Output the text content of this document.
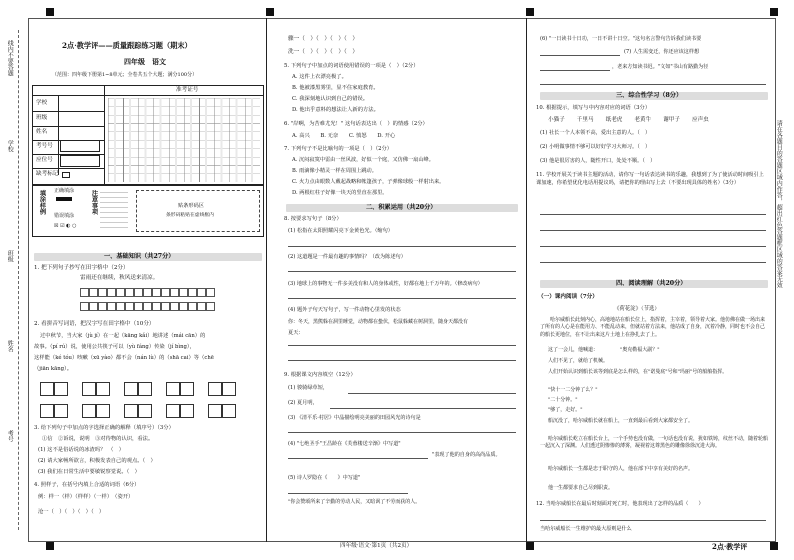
学校
班级
姓名
考号
线内不要答题
请在各题目的答题区域内作答，超出红色答题框区域的答案无效
2点·教学评——质量跟踪练习题（期末）
四年级　语文
（范围：四年级下册第1~8单元；全卷共五个大题；满分100分）
准考证号
学校
班级
姓名
考号号
应位号
缺考标记
填涂样例 正确填涂
错误填涂
☒ ☑ ◐ ○
注意事项	贴条形码区
条形码粘贴在虚线框内
一、基础知识（共27分）
1. 把下列句子抄写在田字格中（2分）
雷雨还在继续，秋风送来清凉。
2. 看拼音写词语，把汉字写在田字格中（10分）
过中秋节，当大家（jù jí）在一起（kāng kǎi）地讲述（mái cān）的
故事。（pí rú）说，使用公共筷子可以（yù fáng）传染（jí bìng），
这样能（ké tóu）咳嗽（xū yào）都不会（nán lù）的（shā cai）等（chē
（jiān kāng）。
3. 给下列句子中加点的字选择正确的解释（填序号）（3分）
①信　②诉说，说明　③对待物的认识，看法。
(1) 这不是俗话说的冰渣吗？　（　）
(2) 请大家畅所欲言，积极发表自己的观点。（　）
(3) 我们在日常生活中要敏锐察觉说。（　）
4. 照样子，在括号内填上合适的词语（6分）
例：样一（样）（样样）（一样）　（姿开）
沧一（　）（　）（　）（　）
骤一（　）（　）（　）（　）
洗一（　）（　）（　）（　）
5. 下列句子中加点的词语使用错误的一项是（　）（2分）
A. 这件上衣漂亮极了。
B. 他被漆黑雾里，显不住家庭教育。
C. 我深刻地认识到自己的错误。
D. 他出乎意料的想法让人新的方法。
6. "岸啊，为苦难尤光！" 这句话表达出（　）的情感（2分）
A. 高兴　　B. 无奈　　C. 愤怒　　D. 开心
7. 下列句子不是比喻句的一项是（　）（2分）
A. 沉闷寂寞中雷由一丝风波，好似一个庭，又仿佛一扇山峰。
B. 雨滴像小精灵一样在周围上跳动。
C. 火力点由眼数人戴起战略和帐篷孩子，子弹像球般一样射出来。
D. 两根红柱子好像一块天的竖直在那里。
二、积累运用（共20分）
8. 按要求写句子（8分）
(1) 松指在太阳照耀闪亮下金黄色光。（缩句）
(2) 这道题是一件最有趣的事情吗？（改为陈述句）
(3) 地球上的事物无一件多美没有和人的身体或性，好都在地上千万年的。（修改病句）
(4) 题外子句天写句子，写一件动物心里发的状态
你：冬天，黑熊躲在洞里睡觉，动物都在蛰伏，松鼠躲藏在树洞里，随身天都没有
夏天：
9. 根据课文内容填空（12分）
(1) 骏骑绿草短，
(2) 夏月明，
(3) 《清平乐·村居》中晶描绘明亮美丽的田园风光的诗句是
(4) "七绝圣手"王昌龄在《芙蓉楼送辛渐》中写道"
"表现了他的自身的高尚品质。
(5) 诗人罗隐在《　　》中写道"
"你会赞颂所来了辛勤的劳动人民，又暗讽了不劳而获的人。
(6) "一日读书十日功，一日不讲十日空。"这句名言警句告诉我们读书要
(7) 人生需变迁，你还应该这样想
，老来方知读书迟。"文如"书山有路勤为径
三、综合性学习（8分）
10. 根据提示，填写与中内容对应的词语（3分）
小猫子 千里马 纸老虎 老黄牛 谢甲子 应声虫
(1) 社长一个人本领不高，爱出主意的人。（　）
(2) 小明做事情不够可以好好学习大师习。（　）
(3) 他是很厉害的人，随性开口，处处不顺。（　）
11. 学校开展关于读书主题的活动，请你写一句话表达读书的乐趣，我想到了为了使活动时间吸引上课加速，你希望优化电话用提议吗，请把你的理由写上去（不要出现具体的姓名）（3分）
四、阅读理解（共20分）
（一）课内阅读（7分）
《荷花淀》（节选）
哈尔威船长此刻内心，高地地站在船长位上，指挥着，主宰着，领导着大家。他仿佛在做一场出来了所有的人心是在能用力、不能乱动来，但就站着方法来，他站成了自身，沉着冷静，同时也不会自己的船长更地位，在不让出来这片土地上在挣扎去了上。
这了一会儿，他喊道：	"奥克勒福大副？"
人们不见了，就给了机械。
人们开始认识到船长该等到底是怎么样的，在"诺曼底"号和"玛丽"号的船舶指挥。
"快十一二分钟了么？"
"二十分钟。"
"够了，走好。"
船沉没了，哈尔威船长就在船上，一直到最后看到大家都安全了。
哈尔威船长屹立在船长台上，一个手势也没有做，一句话也没有说，犹如铁铸，纹丝不动，随着轮船一起沉入了深渊。人们透过阴惨惨的薄雾，凝视着这尊黑色的雕像徐徐沉进大海。
哈尔威船长一生都是忠于职守的人，他在部下中享有美好的名声。
他一生都要求自己尽到职责。
12. 当哈尔威船长在最后时刻面对死亡时，他表现出了怎样的品质（　　）
当哈尔威船长一生维护的最大原则是什么
四年级·语文·第1页（共2页）	2点·教学评
